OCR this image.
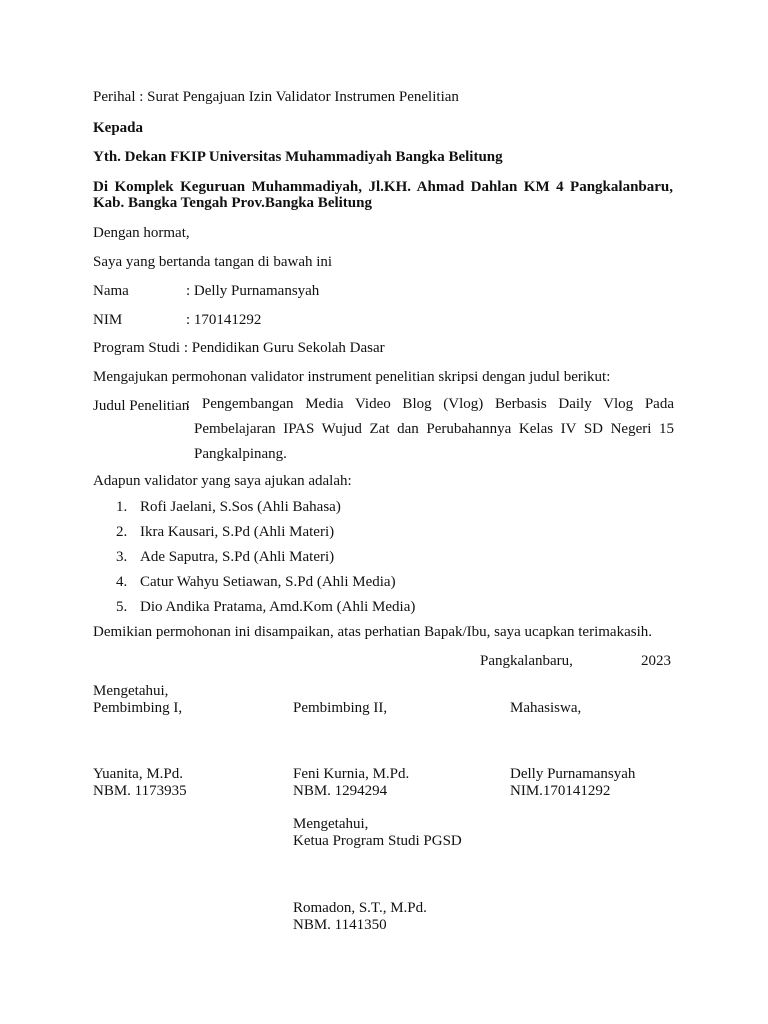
Perihal : Surat Pengajuan Izin Validator Instrumen Penelitian

Kepada

Yth. Dekan FKIP Universitas Muhammadiyah Bangka Belitung

Di Komplek Keguruan Muhammadiyah, Jl.KH. Ahmad Dahlan KM 4 Pangkalanbaru,

Kab. Bangka Tengah Prov.Bangka Belitung

Dengan hormat,

Saya yang bertanda tangan di bawah ini

Nama	: Delly Purnamansyah

NIM	: 170141292

Program Studi : Pendidikan Guru Sekolah Dasar

Mengajukan permohonan validator instrument penelitian skripsi dengan judul berikut:

Judul Penelitian

: Pengembangan Media Video Blog (Vlog) Berbasis Daily Vlog Pada
Pembelajaran IPAS Wujud Zat dan Perubahannya Kelas IV SD Negeri 15
Pangkalpinang.

Adapun validator yang saya ajukan adalah:

1. Rofi Jaelani, S.Sos (Ahli Bahasa)
2. Ikra Kausari, S.Pd (Ahli Materi)
3. Ade Saputra, S.Pd (Ahli Materi)
4. Catur Wahyu Setiawan, S.Pd (Ahli Media)
5. Dio Andika Pratama, Amd.Kom (Ahli Media)

Demikian permohonan ini disampaikan, atas perhatian Bapak/Ibu, saya ucapkan terimakasih.

Pangkalanbaru,	2023

Mengetahui,

Pembimbing I,	Pembimbing II,	Mahasiswa,

Yuanita, M.Pd.

NBM. 1173935

Feni Kurnia, M.Pd.

NBM. 1294294

Delly Purnamansyah

NIM.170141292

Mengetahui,

Ketua Program Studi PGSD

Romadon, S.T., M.Pd.

NBM. 1141350
